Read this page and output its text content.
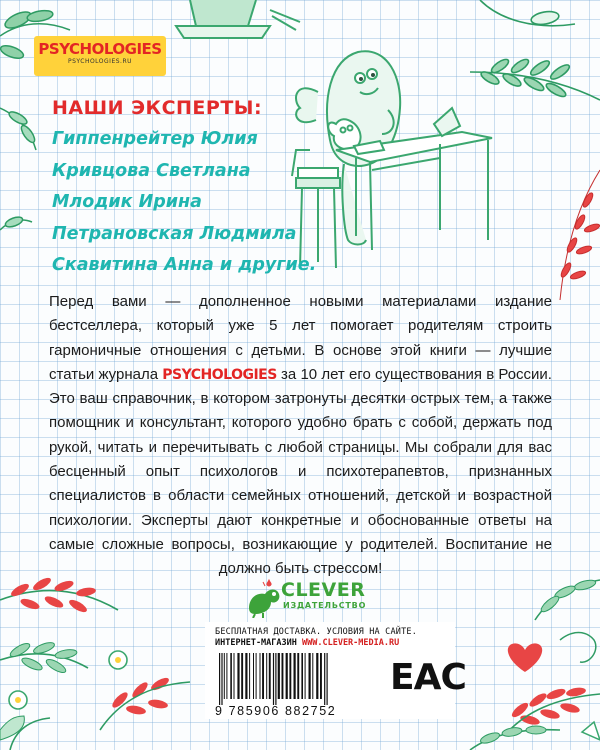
PSYCHOLOGIES
PSYCHOLOGIES.RU
НАШИ ЭКСПЕРТЫ:
Гиппенрейтер Юлия
Кривцова Светлана
Млодик Ирина
Петрановская Людмила
Скавитина Анна и другие.

Перед вами — дополненное новыми материалами издание бестселлера, который уже 5 лет помогает родителям строить гармоничные отношения с детьми. В основе этой книги — лучшие статьи журнала PSYCHOLOGIES за 10 лет его существования в России. Это ваш справочник, в котором затронуты десятки острых тем, а также помощник и консультант, которого удобно брать с собой, держать под рукой, читать и перечитывать с любой страницы. Мы собрали для вас бесценный опыт психологов и психотерапевтов, признанных специалистов в области семейных отношений, детской и возрастной психологии. Эксперты дают конкретные и обоснованные ответы на самые сложные вопросы, возникающие у родителей. Воспитание не должно быть стрессом!

CLEVER
ИЗДАТЕЛЬСТВО
БЕСПЛАТНАЯ ДОСТАВКА. УСЛОВИЯ НА САЙТЕ.
ИНТЕРНЕТ-МАГАЗИН WWW.CLEVER-MEDIA.RU
9 785906 882752
EAC
